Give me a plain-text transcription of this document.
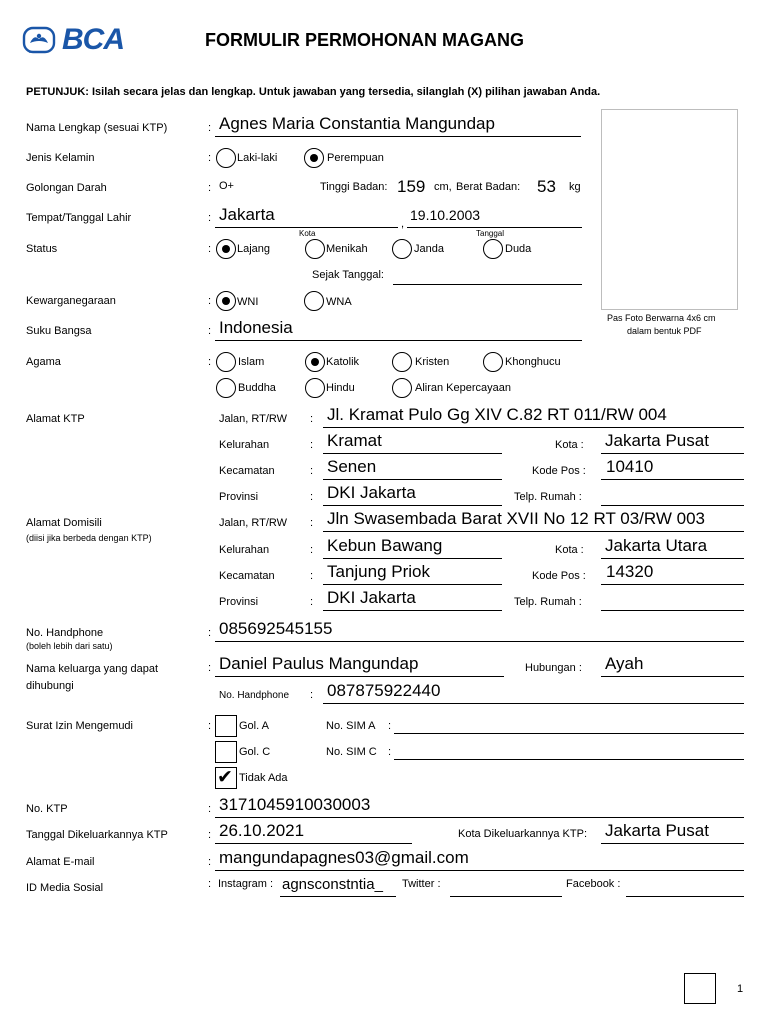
BANK BCA BCA	FORMULIR PERMOHONAN MAGANG
PETUNJUK: Isilah secara jelas dan lengkap. Untuk jawaban yang tersedia, silanglah (X) pilihan jawaban Anda.
Pas Foto Berwarna 4x6 cm
dalam bentuk PDF
Nama Lengkap (sesuai KTP)	: Agnes Maria Constantia Mangundap
Jenis Kelamin	: Laki-laki	Perempuan
Golongan Darah	: O+	Tinggi Badan: 159 cm, Berat Badan: 53 kg
Tempat/Tanggal Lahir	: Jakarta
Kota
,
19.10.2003
Tanggal
Status	: Lajang	Menikah	Janda	Duda
Sejak Tanggal:
Kewarganegaraan	: WNI	WNA
Suku Bangsa	: Indonesia
Agama	: Islam	Katolik	Kristen	Khonghucu
Buddha	Hindu	Aliran Kepercayaan
Alamat KTP	Jalan, RT/RW : Jl. Kramat Pulo Gg XIV C.82 RT 011/RW 004
Kelurahan	: Kramat	Kota : Jakarta Pusat
Kecamatan	: Senen	Kode Pos : 10410
Provinsi	: DKI Jakarta	Telp. Rumah :
Alamat Domisili
(diisi jika berbeda dengan KTP)
Jalan, RT/RW : Jln Swasembada Barat XVII No 12 RT 03/RW 003
Kelurahan	: Kebun Bawang	Kota : Jakarta Utara
Kecamatan	: Tanjung Priok	Kode Pos : 14320
Provinsi	: DKI Jakarta	Telp. Rumah :
No. Handphone
(boleh lebih dari satu)
: 085692545155
Nama keluarga yang dapat
dihubungi
: Daniel Paulus Mangundap	Hubungan : Ayah
No. Handphone : 087875922440
Surat Izin Mengemudi	:	Gol. A	No. SIM A :
Gol. C	No. SIM C :
✔ Tidak Ada
No. KTP	: 3171045910030003
Tanggal Dikeluarkannya KTP	: 26.10.2021	Kota Dikeluarkannya KTP: Jakarta Pusat
Alamat E-mail	: mangundapagnes03@gmail.com
ID Media Sosial	: Instagram : agnsconstntia_ Twitter :	Facebook :
1
